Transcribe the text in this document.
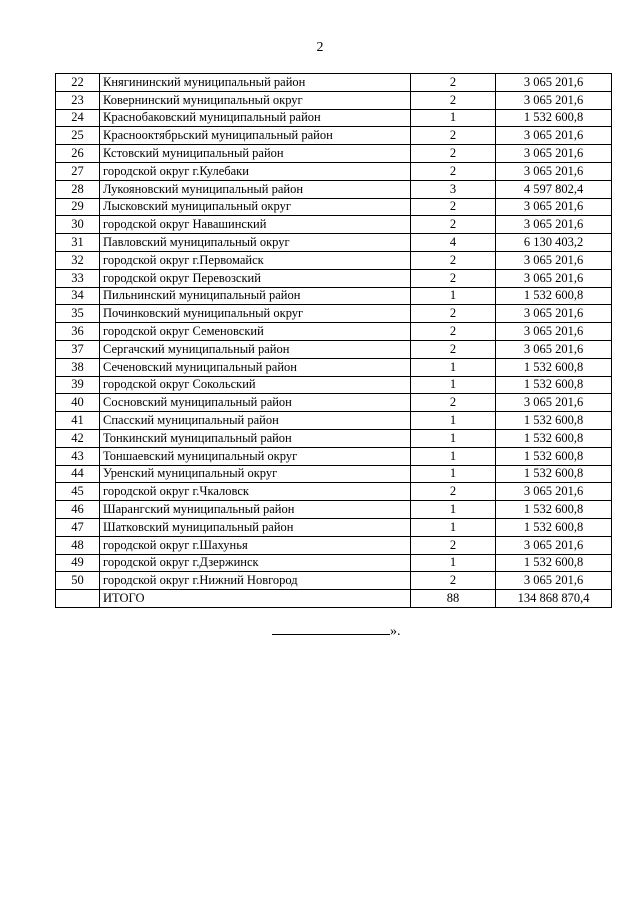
2
22	Княгининский муниципальный район	2	3 065 201,6
23	Ковернинский муниципальный округ	2	3 065 201,6
24	Краснобаковский муниципальный район	1	1 532 600,8
25	Краснооктябрьский муниципальный район	2	3 065 201,6
26	Кстовский муниципальный район	2	3 065 201,6
27	городской округ г.Кулебаки	2	3 065 201,6
28	Лукояновский муниципальный район	3	4 597 802,4
29	Лысковский муниципальный округ	2	3 065 201,6
30	городской округ Навашинский	2	3 065 201,6
31	Павловский муниципальный округ	4	6 130 403,2
32	городской округ г.Первомайск	2	3 065 201,6
33	городской округ Перевозский	2	3 065 201,6
34	Пильнинский муниципальный район	1	1 532 600,8
35	Починковский муниципальный округ	2	3 065 201,6
36	городской округ Семеновский	2	3 065 201,6
37	Сергачский муниципальный район	2	3 065 201,6
38	Сеченовский муниципальный район	1	1 532 600,8
39	городской округ Сокольский	1	1 532 600,8
40	Сосновский муниципальный район	2	3 065 201,6
41	Спасский муниципальный район	1	1 532 600,8
42	Тонкинский муниципальный район	1	1 532 600,8
43	Тоншаевский муниципальный округ	1	1 532 600,8
44	Уренский муниципальный округ	1	1 532 600,8
45	городской округ г.Чкаловск	2	3 065 201,6
46	Шарангский муниципальный район	1	1 532 600,8
47	Шатковский муниципальный район	1	1 532 600,8
48	городской округ г.Шахунья	2	3 065 201,6
49	городской округ г.Дзержинск	1	1 532 600,8
50	городской округ г.Нижний Новгород	2	3 065 201,6
	ИТОГО	88	134 868 870,4
».
